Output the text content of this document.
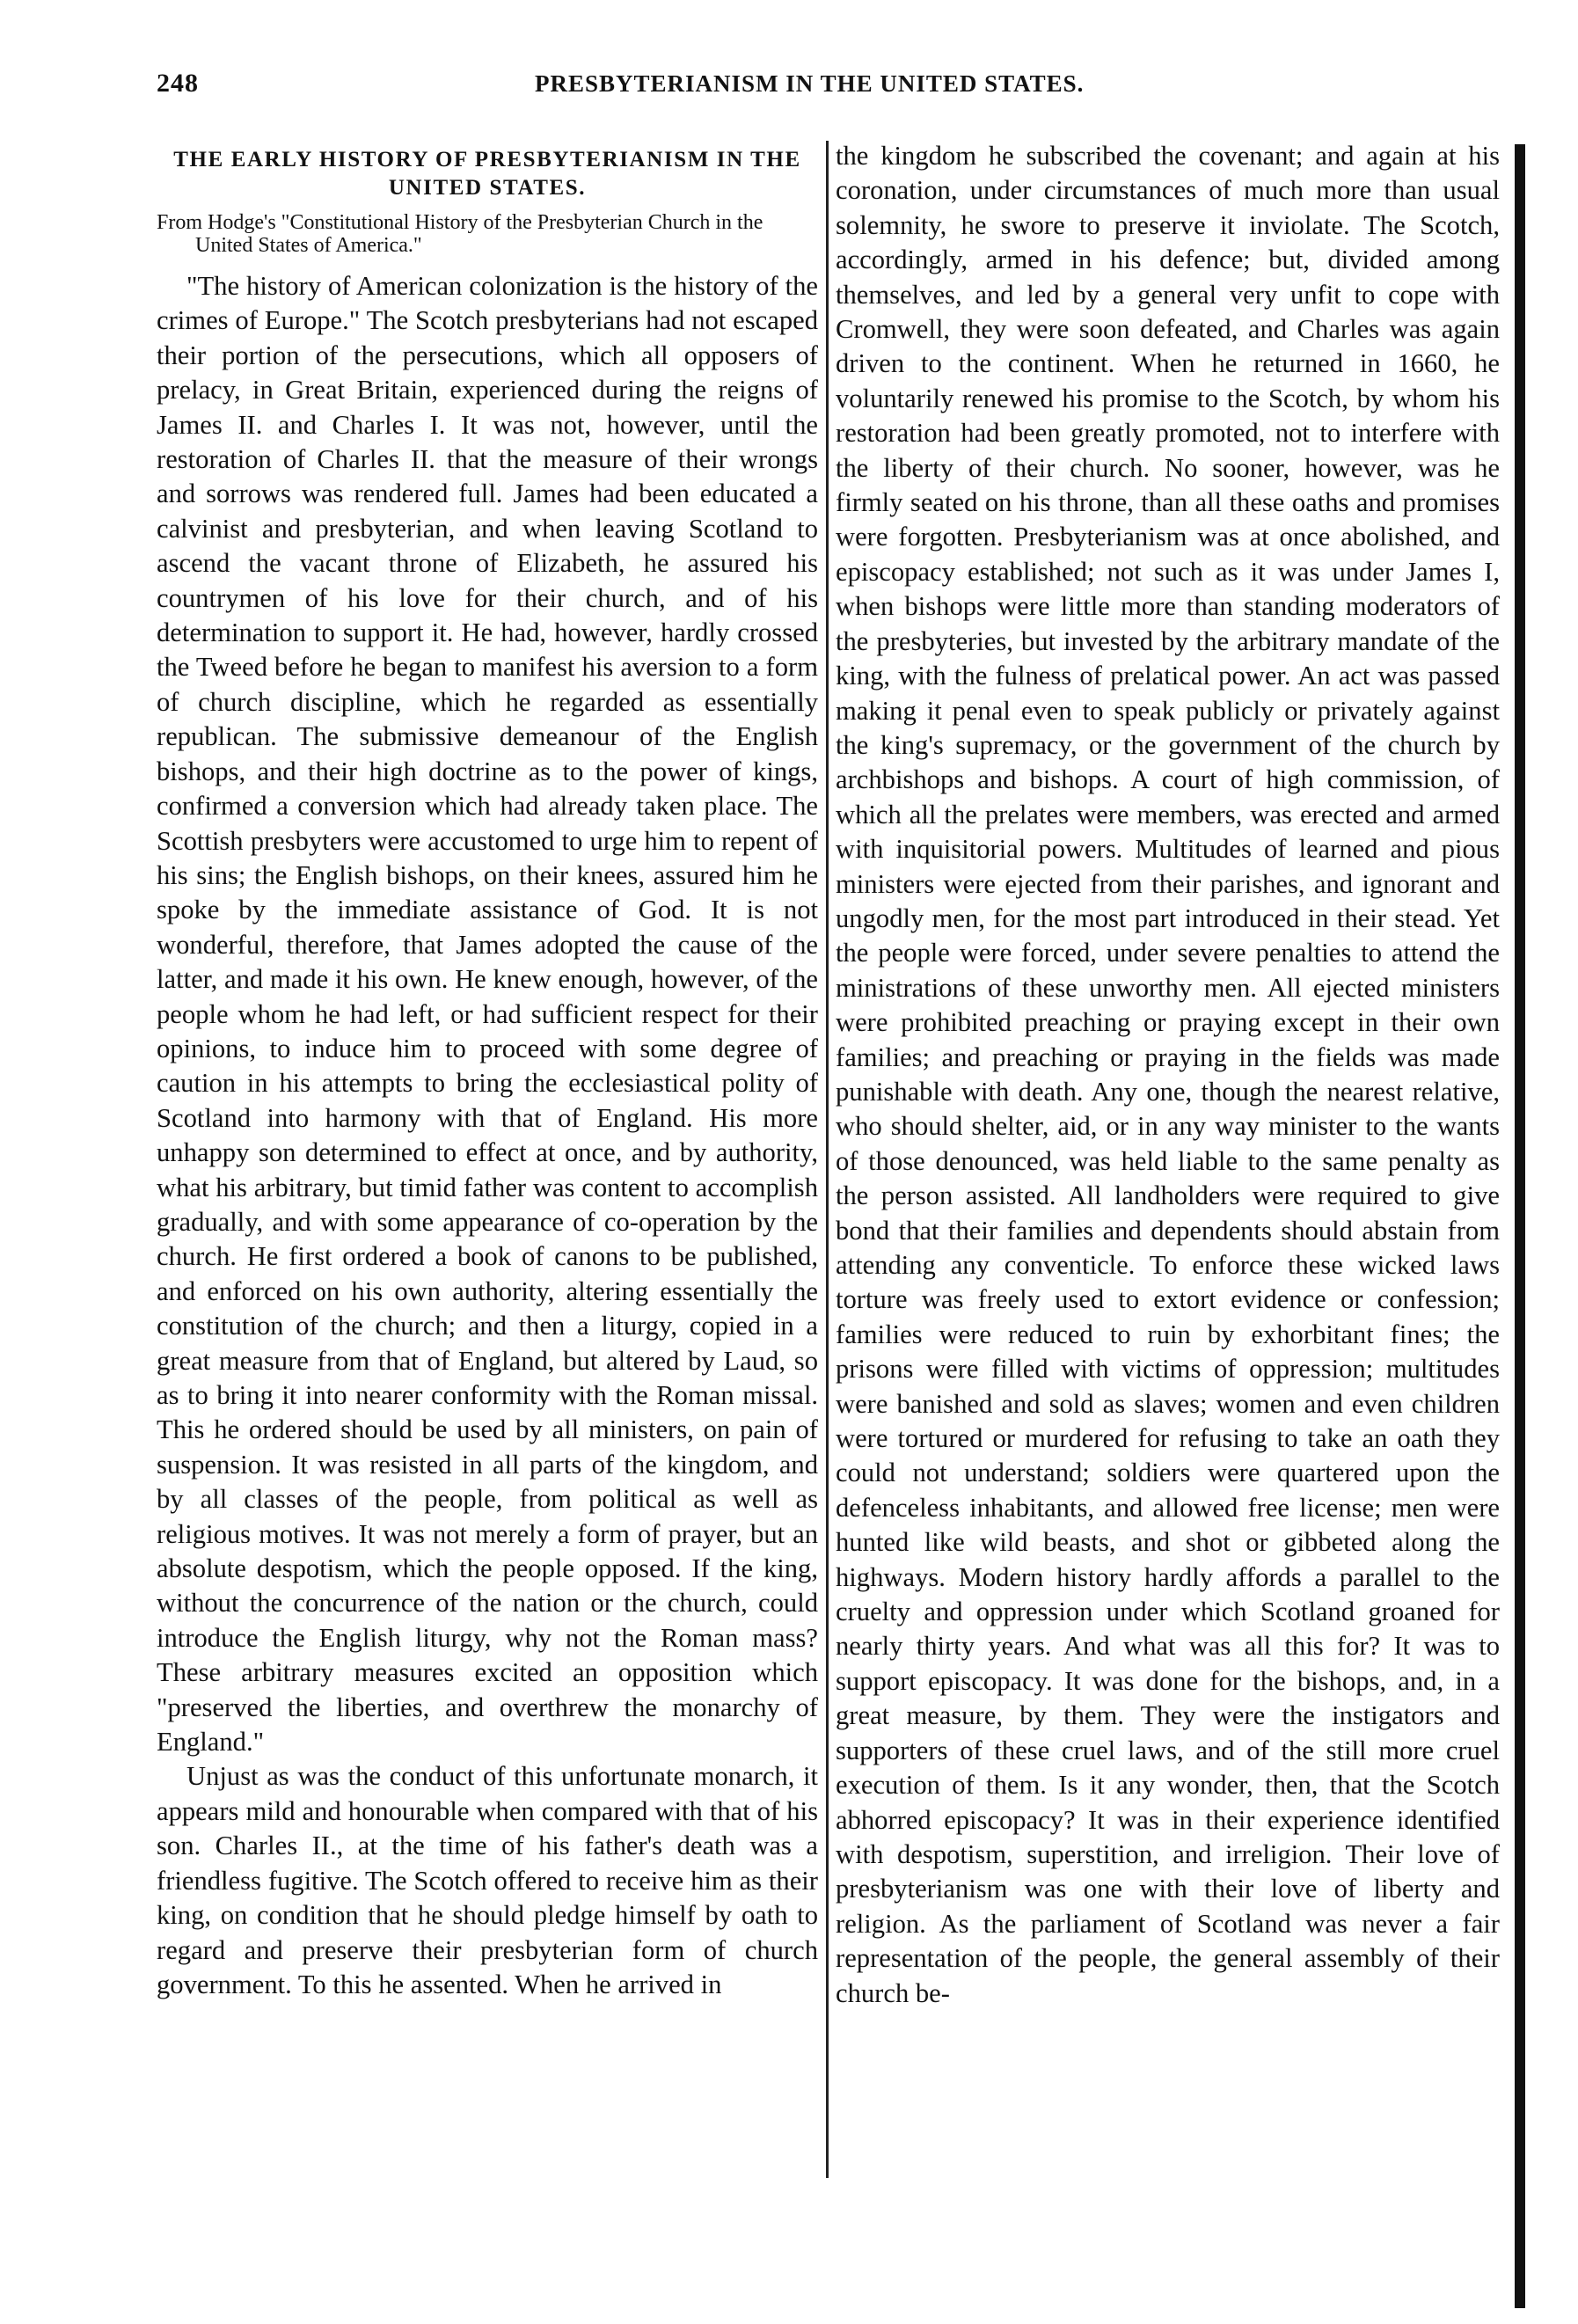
248	PRESBYTERIANISM IN THE UNITED STATES.
THE EARLY HISTORY OF PRESBYTERIANISM IN THE UNITED STATES.

From Hodge's "Constitutional History of the Presbyterian Church in the United States of America."

"The history of American colonization is the history of the crimes of Europe." The Scotch presbyterians had not escaped their portion of the persecutions, which all opposers of prelacy, in Great Britain, experienced during the reigns of James II. and Charles I. It was not, however, until the restoration of Charles II. that the measure of their wrongs and sorrows was rendered full. James had been educated a calvinist and presbyterian, and when leaving Scotland to ascend the vacant throne of Elizabeth, he assured his countrymen of his love for their church, and of his determination to support it. He had, however, hardly crossed the Tweed before he began to manifest his aversion to a form of church discipline, which he regarded as essentially republican. The submissive demeanour of the English bishops, and their high doctrine as to the power of kings, confirmed a conversion which had already taken place. The Scottish presbyters were accustomed to urge him to repent of his sins; the English bishops, on their knees, assured him he spoke by the immediate assistance of God. It is not wonderful, therefore, that James adopted the cause of the latter, and made it his own. He knew enough, however, of the people whom he had left, or had sufficient respect for their opinions, to induce him to proceed with some degree of caution in his attempts to bring the ecclesiastical polity of Scotland into harmony with that of England. His more unhappy son determined to effect at once, and by authority, what his arbitrary, but timid father was content to accomplish gradually, and with some appearance of co-operation by the church. He first ordered a book of canons to be published, and enforced on his own authority, altering essentially the constitution of the church; and then a liturgy, copied in a great measure from that of England, but altered by Laud, so as to bring it into nearer conformity with the Roman missal. This he ordered should be used by all ministers, on pain of suspension. It was resisted in all parts of the kingdom, and by all classes of the people, from political as well as religious motives. It was not merely a form of prayer, but an absolute despotism, which the people opposed. If the king, without the concurrence of the nation or the church, could introduce the English liturgy, why not the Roman mass? These arbitrary measures excited an opposition which "preserved the liberties, and overthrew the monarchy of England."

Unjust as was the conduct of this unfortunate monarch, it appears mild and honourable when compared with that of his son. Charles II., at the time of his father's death was a friendless fugitive. The Scotch offered to receive him as their king, on condition that he should pledge himself by oath to regard and preserve their presbyterian form of church government. To this he assented. When he arrived in

the kingdom he subscribed the covenant; and again at his coronation, under circumstances of much more than usual solemnity, he swore to preserve it inviolate. The Scotch, accordingly, armed in his defence; but, divided among themselves, and led by a general very unfit to cope with Cromwell, they were soon defeated, and Charles was again driven to the continent. When he returned in 1660, he voluntarily renewed his promise to the Scotch, by whom his restoration had been greatly promoted, not to interfere with the liberty of their church. No sooner, however, was he firmly seated on his throne, than all these oaths and promises were forgotten. Presbyterianism was at once abolished, and episcopacy established; not such as it was under James I, when bishops were little more than standing moderators of the presbyteries, but invested by the arbitrary mandate of the king, with the fulness of prelatical power. An act was passed making it penal even to speak publicly or privately against the king's supremacy, or the government of the church by archbishops and bishops. A court of high commission, of which all the prelates were members, was erected and armed with inquisitorial powers. Multitudes of learned and pious ministers were ejected from their parishes, and ignorant and ungodly men, for the most part introduced in their stead. Yet the people were forced, under severe penalties to attend the ministrations of these unworthy men. All ejected ministers were prohibited preaching or praying except in their own families; and preaching or praying in the fields was made punishable with death. Any one, though the nearest relative, who should shelter, aid, or in any way minister to the wants of those denounced, was held liable to the same penalty as the person assisted. All landholders were required to give bond that their families and dependents should abstain from attending any conventicle. To enforce these wicked laws torture was freely used to extort evidence or confession; families were reduced to ruin by exhorbitant fines; the prisons were filled with victims of oppression; multitudes were banished and sold as slaves; women and even children were tortured or murdered for refusing to take an oath they could not understand; soldiers were quartered upon the defenceless inhabitants, and allowed free license; men were hunted like wild beasts, and shot or gibbeted along the highways. Modern history hardly affords a parallel to the cruelty and oppression under which Scotland groaned for nearly thirty years. And what was all this for? It was to support episcopacy. It was done for the bishops, and, in a great measure, by them. They were the instigators and supporters of these cruel laws, and of the still more cruel execution of them. Is it any wonder, then, that the Scotch abhorred episcopacy? It was in their experience identified with despotism, superstition, and irreligion. Their love of presbyterianism was one with their love of liberty and religion. As the parliament of Scotland was never a fair representation of the people, the general assembly of their church be-
